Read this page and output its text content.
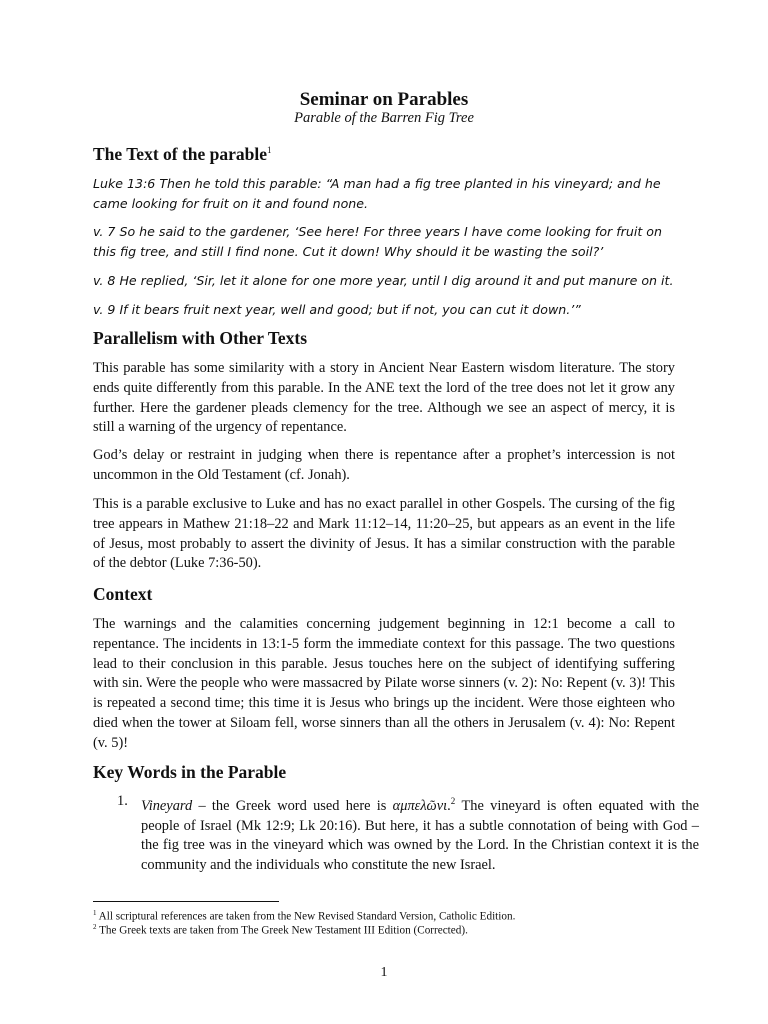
Seminar on Parables
Parable of the Barren Fig Tree
The Text of the parable$^1$

Luke 13:6 Then he told this parable: “A man had a fig tree planted in his vineyard; and he came looking for fruit on it and found none.

v. 7 So he said to the gardener, ‘See here! For three years I have come looking for fruit on this fig tree, and still I find none. Cut it down! Why should it be wasting the soil?’

v. 8 He replied, ‘Sir, let it alone for one more year, until I dig around it and put manure on it.

v. 9 If it bears fruit next year, well and good; but if not, you can cut it down.’”

Parallelism with Other Texts

This parable has some similarity with a story in Ancient Near Eastern wisdom literature. The story ends quite differently from this parable. In the ANE text the lord of the tree does not let it grow any further. Here the gardener pleads clemency for the tree. Although we see an aspect of mercy, it is still a warning of the urgency of repentance.

God’s delay or restraint in judging when there is repentance after a prophet’s intercession is not uncommon in the Old Testament (cf. Jonah).

This is a parable exclusive to Luke and has no exact parallel in other Gospels. The cursing of the fig tree appears in Mathew 21:18–22 and Mark 11:12–14, 11:20–25, but appears as an event in the life of Jesus, most probably to assert the divinity of Jesus. It has a similar construction with the parable of the debtor (Luke 7:36-50).

Context

The warnings and the calamities concerning judgement beginning in 12:1 become a call to repentance. The incidents in 13:1-5 form the immediate context for this passage. The two questions lead to their conclusion in this parable. Jesus touches here on the subject of identifying suffering with sin. Were the people who were massacred by Pilate worse sinners (v. 2): No: Repent (v. 3)! This is repeated a second time; this time it is Jesus who brings up the incident. Were those eighteen who died when the tower at Siloam fell, worse sinners than all the others in Jerusalem (v. 4): No: Repent (v. 5)!

Key Words in the Parable
1. Vineyard – the Greek word used here is αμπελῶνι.$^2$ The vineyard is often equated with the people of Israel (Mk 12:9; Lk 20:16). But here, it has a subtle connotation of being with God – the fig tree was in the vineyard which was owned by the Lord. In the Christian context it is the community and the individuals who constitute the new Israel.

$^1$ All scriptural references are taken from the New Revised Standard Version, Catholic Edition.

$^2$ The Greek texts are taken from The Greek New Testament III Edition (Corrected).

1
